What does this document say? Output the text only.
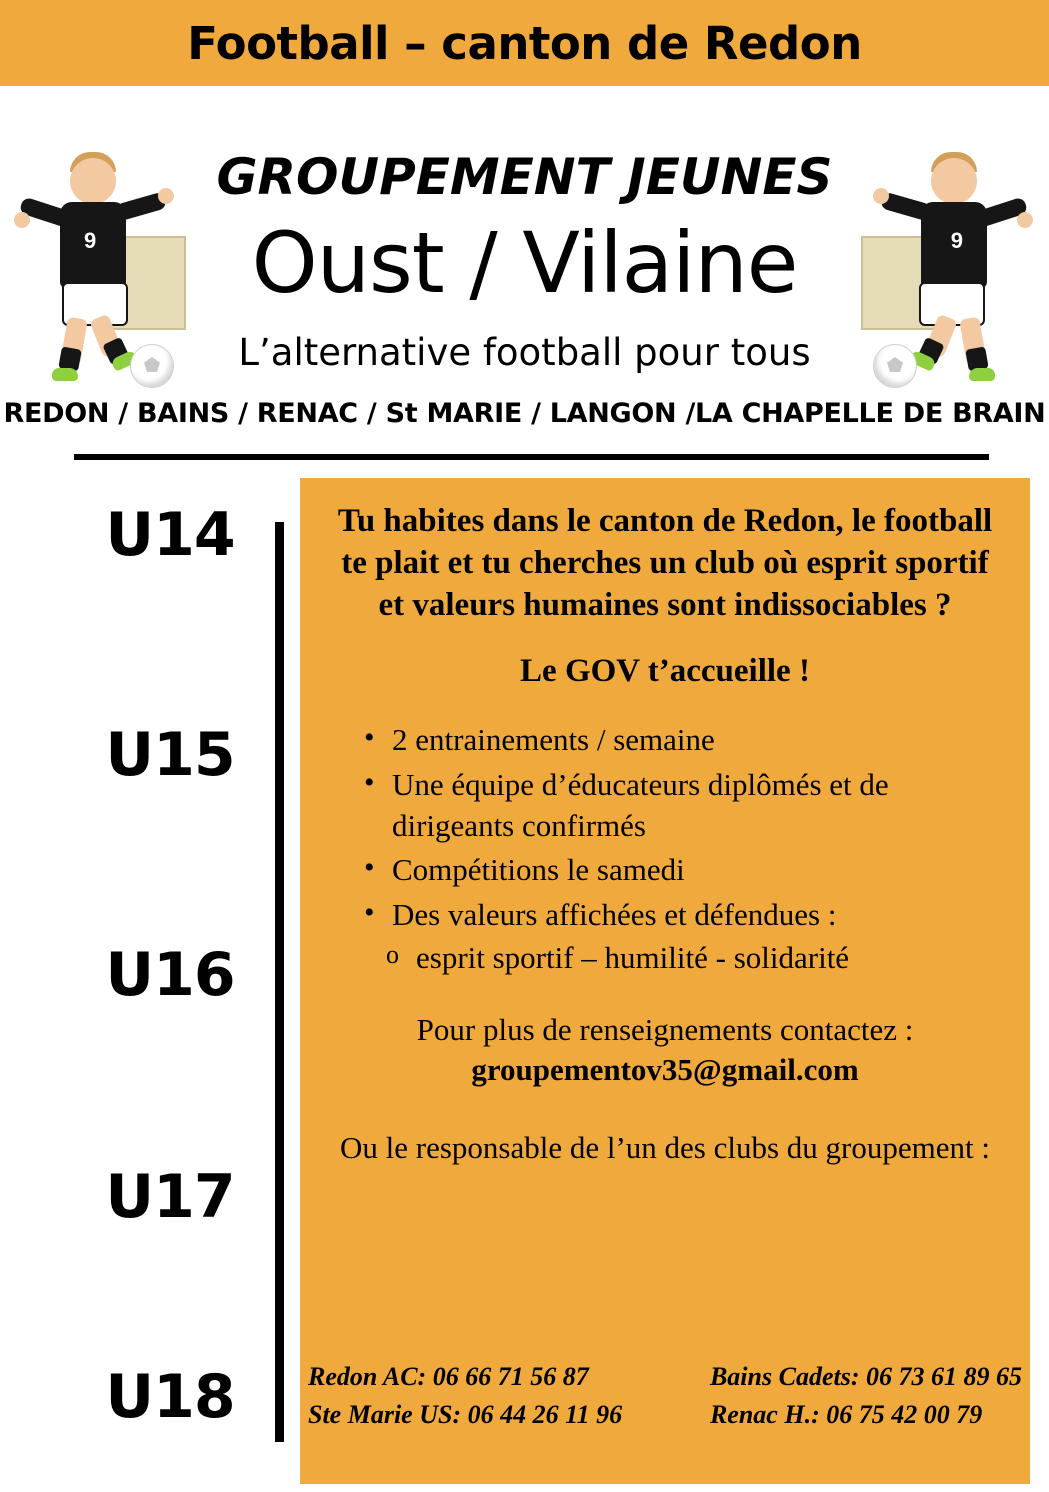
Football – canton de Redon
9	9
GROUPEMENT JEUNES
Oust / Vilaine
L’alternative football pour tous
REDON / BAINS / RENAC / St MARIE / LANGON /LA CHAPELLE DE BRAIN
U14
U15
U16
U17
U18

Tu habites dans le canton de Redon, le football te plait et tu cherches un club où esprit sportif et valeurs humaines sont indissociables ?

Le GOV t’accueille !

• 2 entrainements / semaine
• Une équipe d’éducateurs diplômés et de dirigeants confirmés
• Compétitions le samedi
• Des valeurs affichées et défendues :
o esprit sportif – humilité - solidarité

Pour plus de renseignements contactez :

groupementov35@gmail.com

Ou le responsable de l’un des clubs du groupement :

Redon AC: 06 66 71 56 87
Ste Marie US: 06 44 26 11 96
Bains Cadets: 06 73 61 89 65
Renac H.: 06 75 42 00 79
